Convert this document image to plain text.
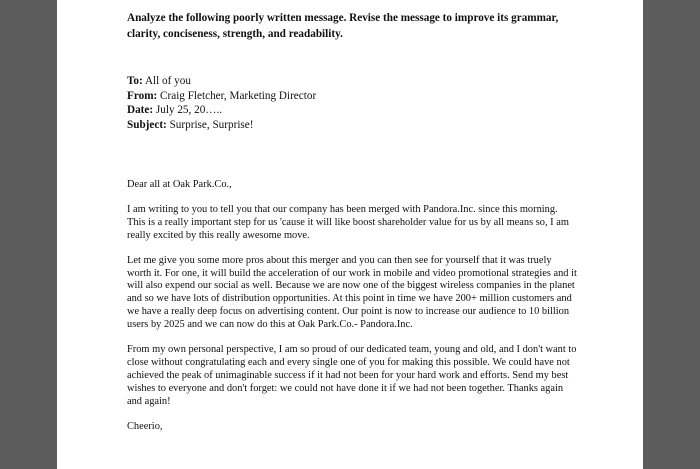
Analyze the following poorly written message. Revise the message to improve its grammar, clarity, conciseness, strength, and readability.
To: All of you
From: Craig Fletcher, Marketing Director
Date: July 25, 20…..
Subject: Surprise, Surprise!

Dear all at Oak Park.Co.,

I am writing to you to tell you that our company has been merged with Pandora.Inc. since this morning. This is a really important step for us 'cause it will like boost shareholder value for us by all means so, I am really excited by this really awesome move.

Let me give you some more pros about this merger and you can then see for yourself that it was truely worth it. For one, it will build the acceleration of our work in mobile and video promotional strategies and it will also expend our social as well. Because we are now one of the biggest wireless companies in the planet and so we have lots of distribution opportunities. At this point in time we have 200+ million customers and we have a really deep focus on advertising content. Our point is now to increase our audience to 10 billion users by 2025 and we can now do this at Oak Park.Co.- Pandora.Inc.

From my own personal perspective, I am so proud of our dedicated team, young and old, and I don't want to close without congratulating each and every single one of you for making this possible. We could have not achieved the peak of unimaginable success if it had not been for your hard work and efforts. Send my best wishes to everyone and don't forget: we could not have done it if we had not been together. Thanks again and again!

Cheerio,
